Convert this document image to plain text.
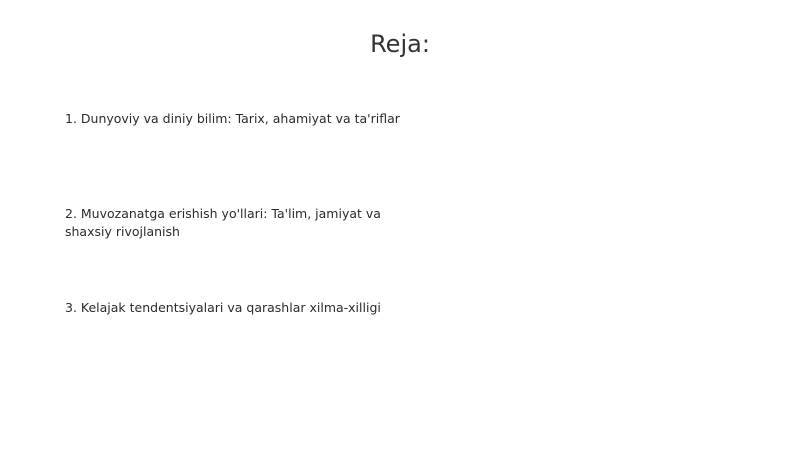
Reja:
1. Dunyoviy va diniy bilim: Tarix, ahamiyat va ta'riflar
2. Muvozanatga erishish yo'llari: Ta'lim, jamiyat va shaxsiy rivojlanish
3. Kelajak tendentsiyalari va qarashlar xilma-xilligi
